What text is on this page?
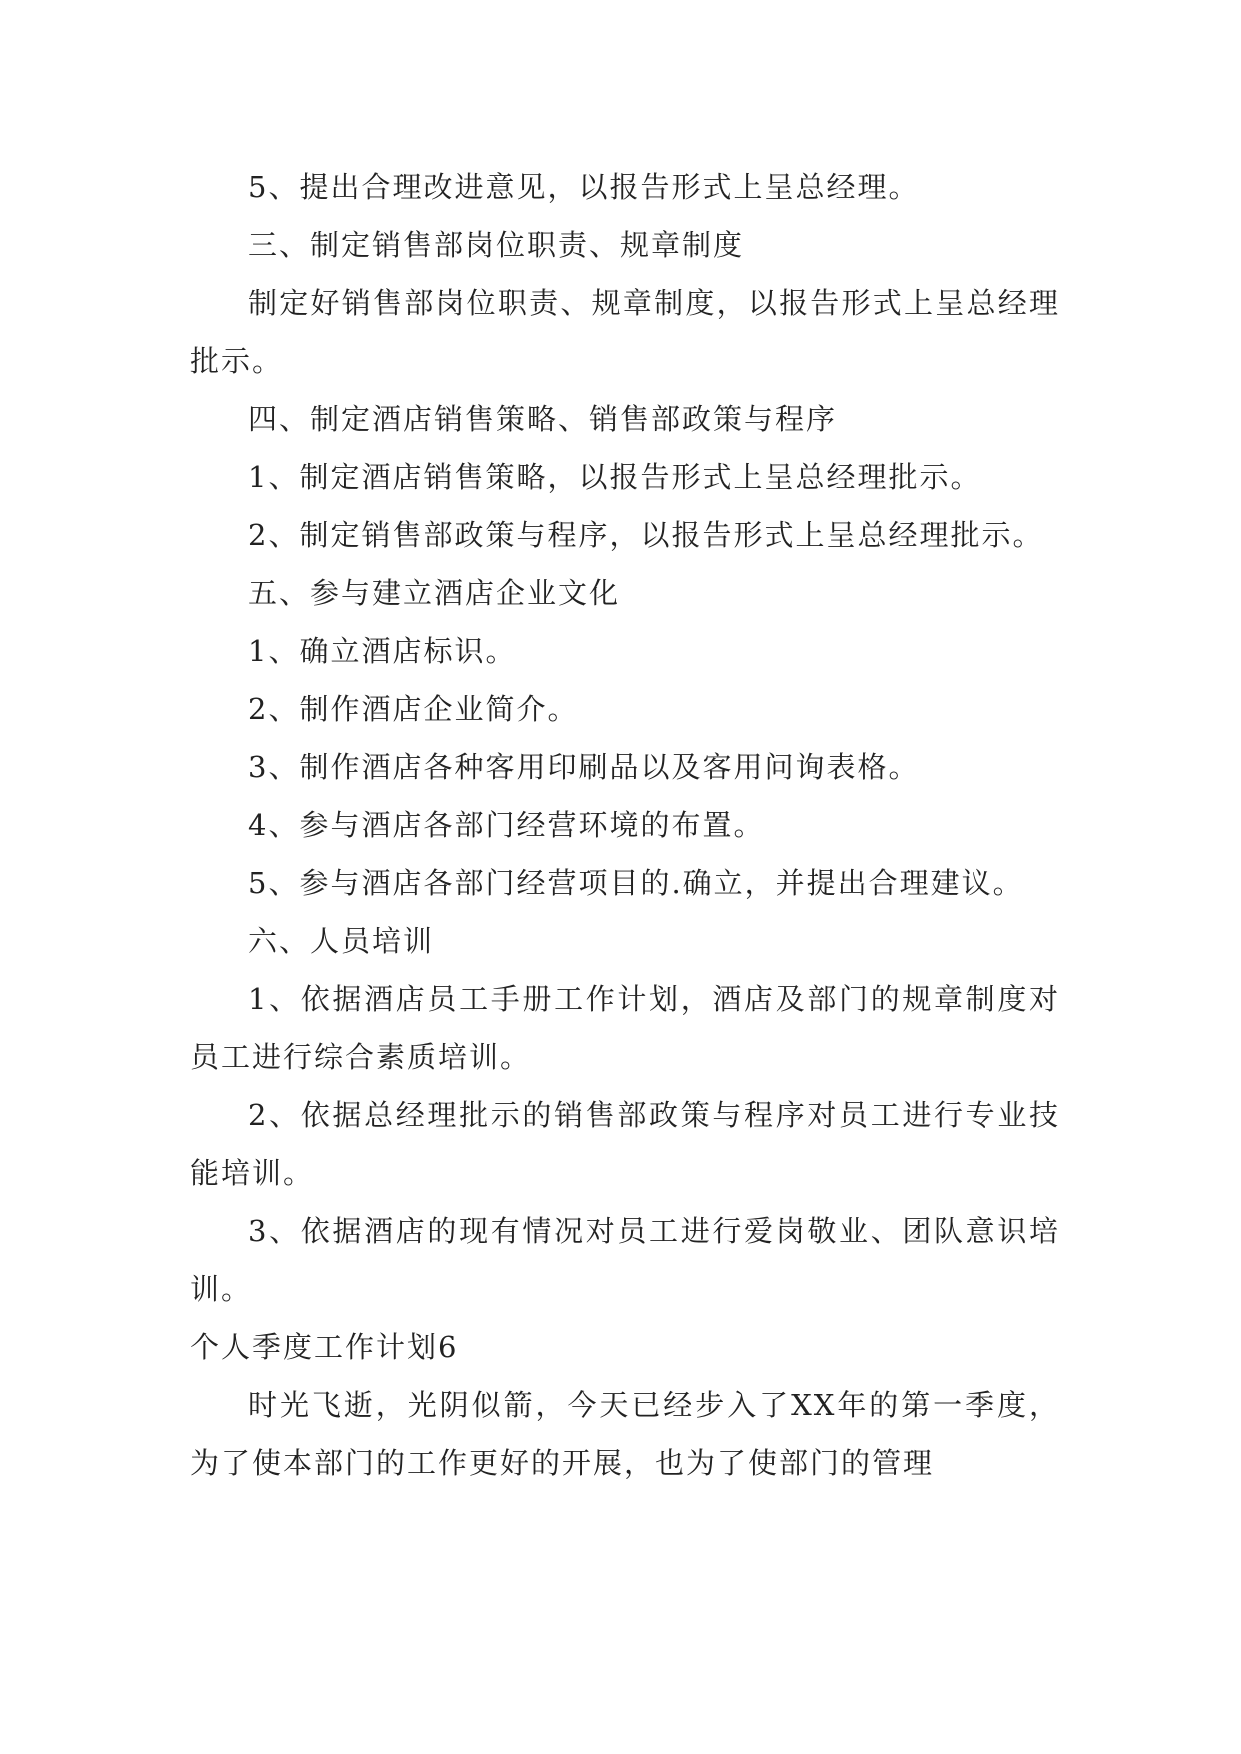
5、提出合理改进意见，以报告形式上呈总经理。

三、制定销售部岗位职责、规章制度

制定好销售部岗位职责、规章制度，以报告形式上呈总经理批示。

四、制定酒店销售策略、销售部政策与程序

1、制定酒店销售策略，以报告形式上呈总经理批示。

2、制定销售部政策与程序，以报告形式上呈总经理批示。

五、参与建立酒店企业文化

1、确立酒店标识。

2、制作酒店企业简介。

3、制作酒店各种客用印刷品以及客用问询表格。

4、参与酒店各部门经营环境的布置。

5、参与酒店各部门经营项目的.确立，并提出合理建议。

六、人员培训

1、依据酒店员工手册工作计划，酒店及部门的规章制度对员工进行综合素质培训。

2、依据总经理批示的销售部政策与程序对员工进行专业技能培训。

3、依据酒店的现有情况对员工进行爱岗敬业、团队意识培训。

个人季度工作计划6

时光飞逝，光阴似箭，今天已经步入了XX年的第一季度，为了使本部门的工作更好的开展，也为了使部门的管理
